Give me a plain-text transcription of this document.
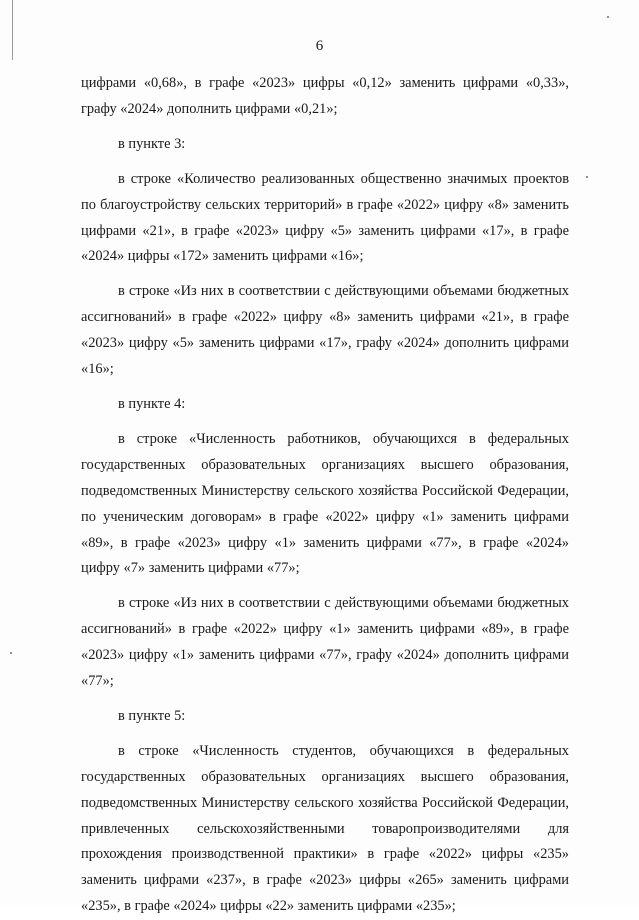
6

цифрами «0,68», в графе «2023» цифры «0,12» заменить цифрами «0,33», графу «2024» дополнить цифрами «0,21»;

в пункте 3:

в строке «Количество реализованных общественно значимых проектов по благоустройству сельских территорий» в графе «2022» цифру «8» заменить цифрами «21», в графе «2023» цифру «5» заменить цифрами «17», в графе «2024» цифры «172» заменить цифрами «16»;

в строке «Из них в соответствии с действующими объемами бюджетных ассигнований» в графе «2022» цифру «8» заменить цифрами «21», в графе «2023» цифру «5» заменить цифрами «17», графу «2024» дополнить цифрами «16»;

в пункте 4:

в строке «Численность работников, обучающихся в федеральных государственных образовательных организациях высшего образования, подведомственных Министерству сельского хозяйства Российской Федерации, по ученическим договорам» в графе «2022» цифру «1» заменить цифрами «89», в графе «2023» цифру «1» заменить цифрами «77», в графе «2024» цифру «7» заменить цифрами «77»;

в строке «Из них в соответствии с действующими объемами бюджетных ассигнований» в графе «2022» цифру «1» заменить цифрами «89», в графе «2023» цифру «1» заменить цифрами «77», графу «2024» дополнить цифрами «77»;

в пункте 5:

в строке «Численность студентов, обучающихся в федеральных государственных образовательных организациях высшего образования, подведомственных Министерству сельского хозяйства Российской Федерации, привлеченных сельскохозяйственными товаропроизводителями для прохождения производственной практики» в графе «2022» цифры «235» заменить цифрами «237», в графе «2023» цифры «265» заменить цифрами «235», в графе «2024» цифры «22» заменить цифрами «235»;
